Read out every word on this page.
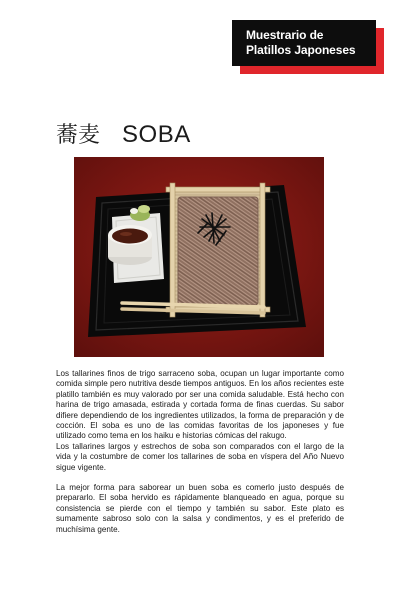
Muestrario de
Platillos Japoneses
蕎麦 SOBA

Los tallarines finos de trigo sarraceno soba, ocupan un lugar importante como comida simple pero nutritiva desde tiempos antiguos. En los años recientes este platillo también es muy valorado por ser una comida saludable. Está hecho con harina de trigo amasada, estirada y cortada forma de finas cuerdas. Su sabor difiere dependiendo de los ingredientes utilizados, la forma de preparación y de cocción. El soba es uno de las comidas favoritas de los japoneses y fue utilizado como tema en los haiku e historias cómicas del rakugo.

Los tallarines largos y estrechos de soba son comparados con el largo de la vida y la costumbre de comer los tallarines de soba en víspera del Año Nuevo sigue vigente.

La mejor forma para saborear un buen soba es comerlo justo después de prepararlo. El soba hervido es rápidamente blanqueado en agua, porque su consistencia se pierde con el tiempo y también su sabor. Este plato es sumamente sabroso solo con la salsa y condimentos, y es el preferido de muchísima gente.
